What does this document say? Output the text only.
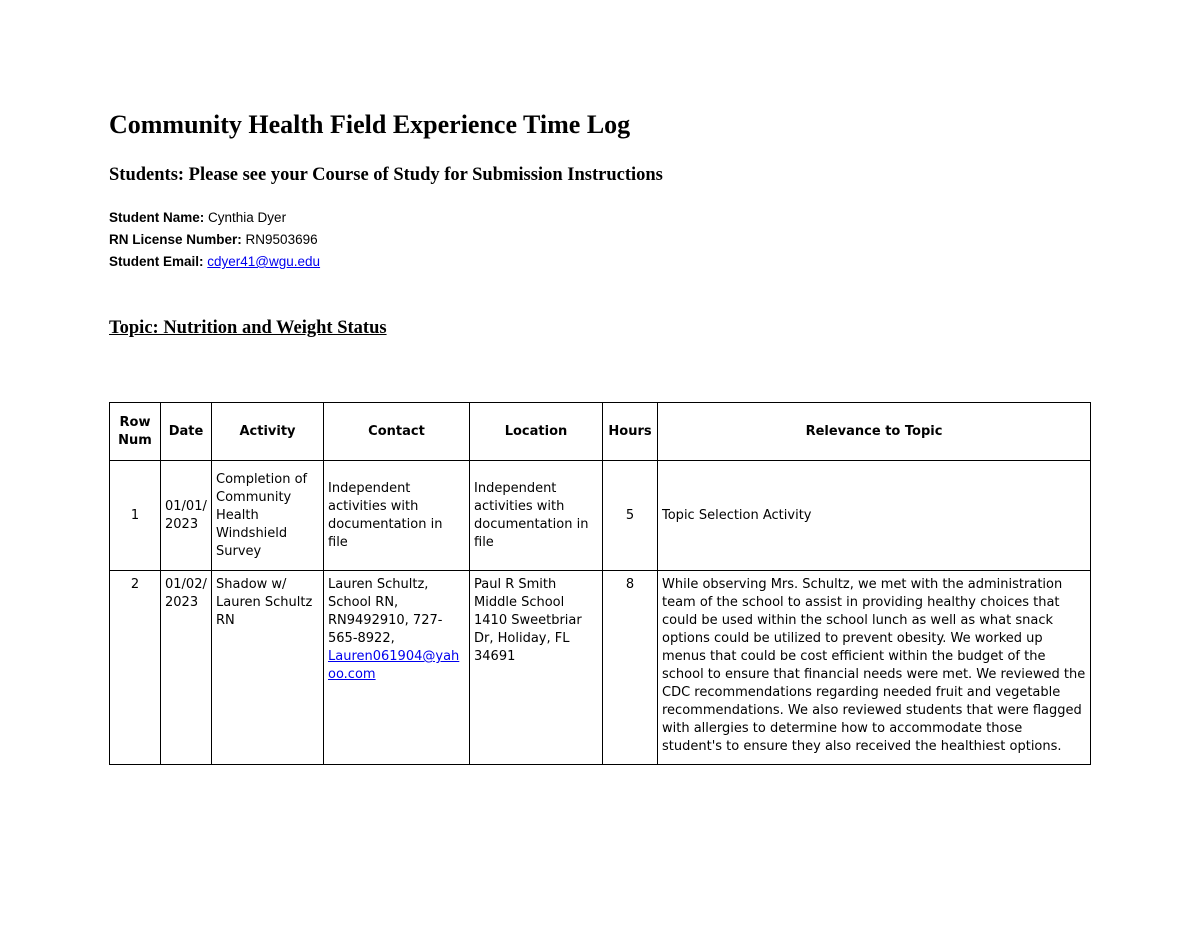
Community Health Field Experience Time Log
Students: Please see your Course of Study for Submission Instructions
Student Name: Cynthia Dyer
RN License Number: RN9503696
Student Email: cdyer41@wgu.edu
Topic: Nutrition and Weight Status
Row Num	Date	Activity	Contact	Location	Hours	Relevance to Topic
1	01/01/2023	Completion of Community Health Windshield Survey	Independent activities with documentation in file	Independent activities with documentation in file	5	Topic Selection Activity
2	01/02/2023	Shadow w/ Lauren Schultz RN	Lauren Schultz, School RN, RN9492910, 727-565-8922,
Lauren061904@yahoo.com	Paul R Smith Middle School 1410 Sweetbriar Dr, Holiday, FL 34691	8	While observing Mrs. Schultz, we met with the administration team of the school to assist in providing healthy choices that could be used within the school lunch as well as what snack options could be utilized to prevent obesity. We worked up menus that could be cost efficient within the budget of the school to ensure that financial needs were met. We reviewed the CDC recommendations regarding needed fruit and vegetable recommendations. We also reviewed students that were flagged with allergies to determine how to accommodate those student's to ensure they also received the healthiest options.
